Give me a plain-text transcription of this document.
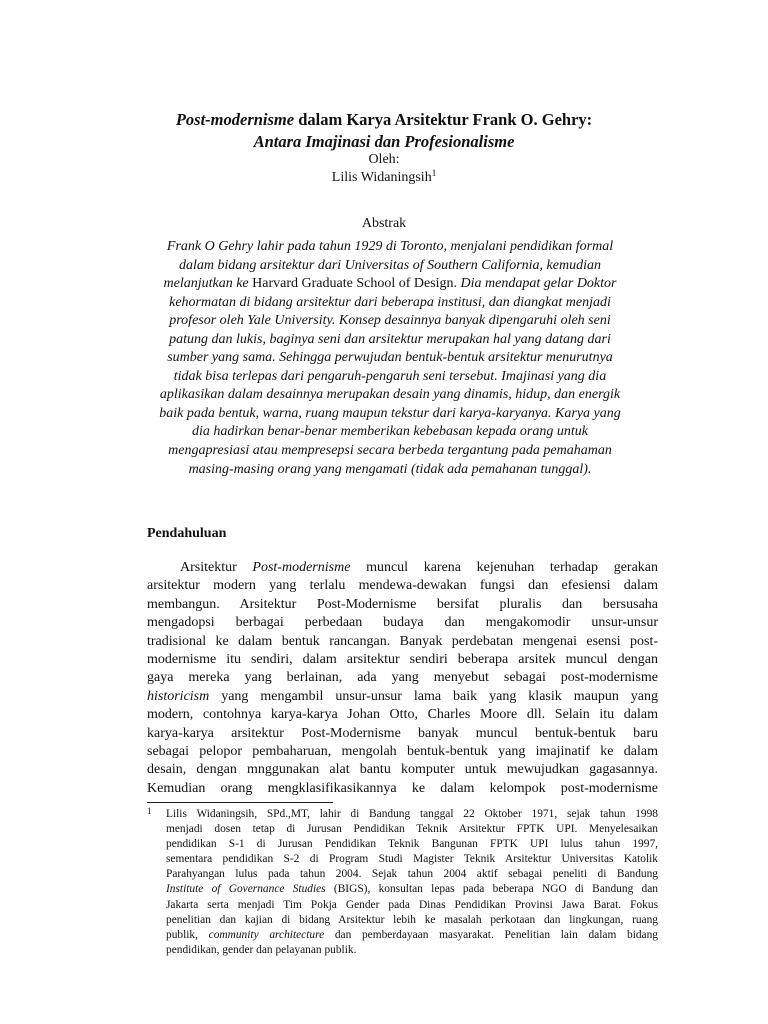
Post-modernisme dalam Karya Arsitektur Frank O. Gehry:
Antara Imajinasi dan Profesionalisme
Oleh:
Lilis Widaningsih$^1$
Abstrak

Frank O Gehry lahir pada tahun 1929 di Toronto, menjalani pendidikan formal
dalam bidang arsitektur dari Universitas of Southern California, kemudian
melanjutkan ke Harvard Graduate School of Design. Dia mendapat gelar Doktor
kehormatan di bidang arsitektur dari beberapa institusi, dan diangkat menjadi
profesor oleh Yale University. Konsep desainnya banyak dipengaruhi oleh seni
patung dan lukis, baginya seni dan arsitektur merupakan hal yang datang dari
sumber yang sama. Sehingga perwujudan bentuk-bentuk arsitektur menurutnya
tidak bisa terlepas dari pengaruh-pengaruh seni tersebut. Imajinasi yang dia
aplikasikan dalam desainnya merupakan desain yang dinamis, hidup, dan energik
baik pada bentuk, warna, ruang maupun tekstur dari karya-karyanya. Karya yang
dia hadirkan benar-benar memberikan kebebasan kepada orang untuk
mengapresiasi atau mempresepsi secara berbeda tergantung pada pemahaman
masing-masing orang yang mengamati (tidak ada pemahanan tunggal).

Pendahuluan

Arsitektur Post-modernisme muncul karena kejenuhan terhadap gerakan
arsitektur modern yang terlalu mendewa-dewakan fungsi dan efesiensi dalam
membangun. Arsitektur Post-Modernisme bersifat pluralis dan bersusaha
mengadopsi berbagai perbedaan budaya dan mengakomodir unsur-unsur
tradisional ke dalam bentuk rancangan. Banyak perdebatan mengenai esensi post-
modernisme itu sendiri, dalam arsitektur sendiri beberapa arsitek muncul dengan
gaya mereka yang berlainan, ada yang menyebut sebagai post-modernisme
historicism yang mengambil unsur-unsur lama baik yang klasik maupun yang
modern, contohnya karya-karya Johan Otto, Charles Moore dll. Selain itu dalam
karya-karya arsitektur Post-Modernisme banyak muncul bentuk-bentuk baru
sebagai pelopor pembaharuan, mengolah bentuk-bentuk yang imajinatif ke dalam
desain, dengan mnggunakan alat bantu komputer untuk mewujudkan gagasannya.
Kemudian orang mengklasifikasikannya ke dalam kelompok post-modernisme

1 Lilis Widaningsih, SPd.,MT, lahir di Bandung tanggal 22 Oktober 1971, sejak tahun 1998
menjadi dosen tetap di Jurusan Pendidikan Teknik Arsitektur FPTK UPI. Menyelesaikan
pendidikan S-1 di Jurusan Pendidikan Teknik Bangunan FPTK UPI lulus tahun 1997,
sementara pendidikan S-2 di Program Studi Magister Teknik Arsitektur Universitas Katolik
Parahyangan lulus pada tahun 2004. Sejak tahun 2004 aktif sebagai peneliti di Bandung
Institute of Governance Studies (BIGS), konsultan lepas pada beberapa NGO di Bandung dan
Jakarta serta menjadi Tim Pokja Gender pada Dinas Pendidikan Provinsi Jawa Barat. Fokus
penelitian dan kajian di bidang Arsitektur lebih ke masalah perkotaan dan lingkungan, ruang
publik, community architecture dan pemberdayaan masyarakat. Penelitian lain dalam bidang
pendidikan, gender dan pelayanan publik.
